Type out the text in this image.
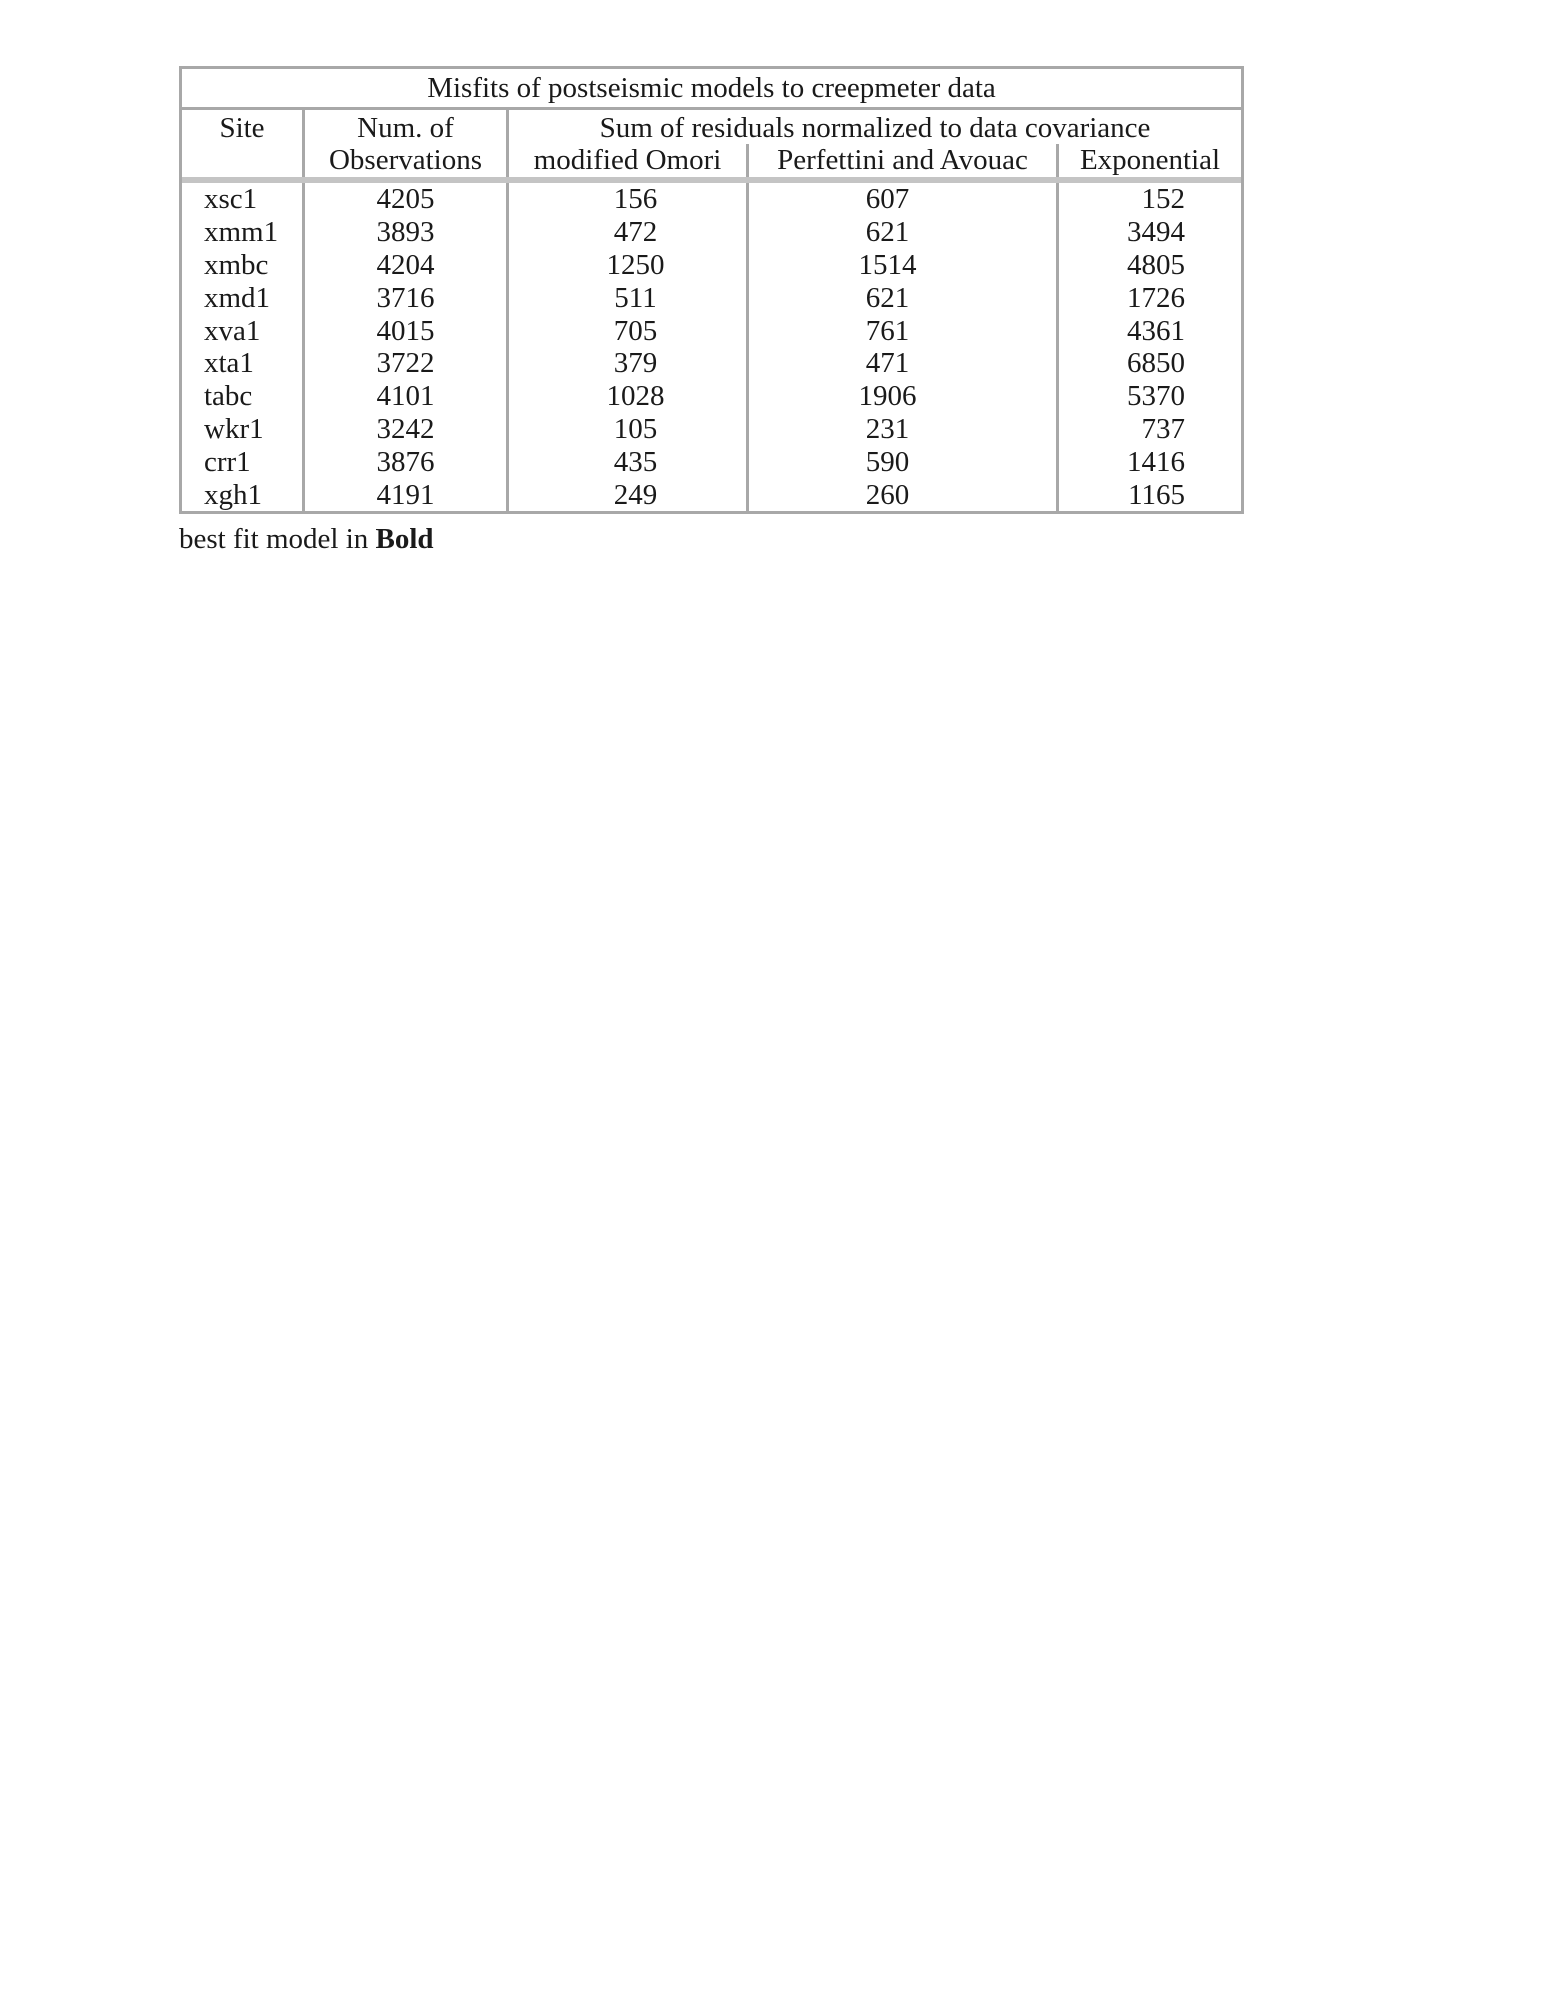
Misfits of postseismic models to creepmeter data				
Site	Num. of	Sum of residuals normalized to data covariance		
	Observations	modified Omori	Perfettini and Avouac	Exponential

xsc1	4205	156	607	152
xmm1	3893	472	621	3494
xmbc	4204	1250	1514	4805
xmd1	3716	511	621	1726
xva1	4015	705	761	4361
xta1	3722	379	471	6850
tabc	4101	1028	1906	5370
wkr1	3242	105	231	737
crr1	3876	435	590	1416
xgh1	4191	249	260	1165
best fit model in Bold
